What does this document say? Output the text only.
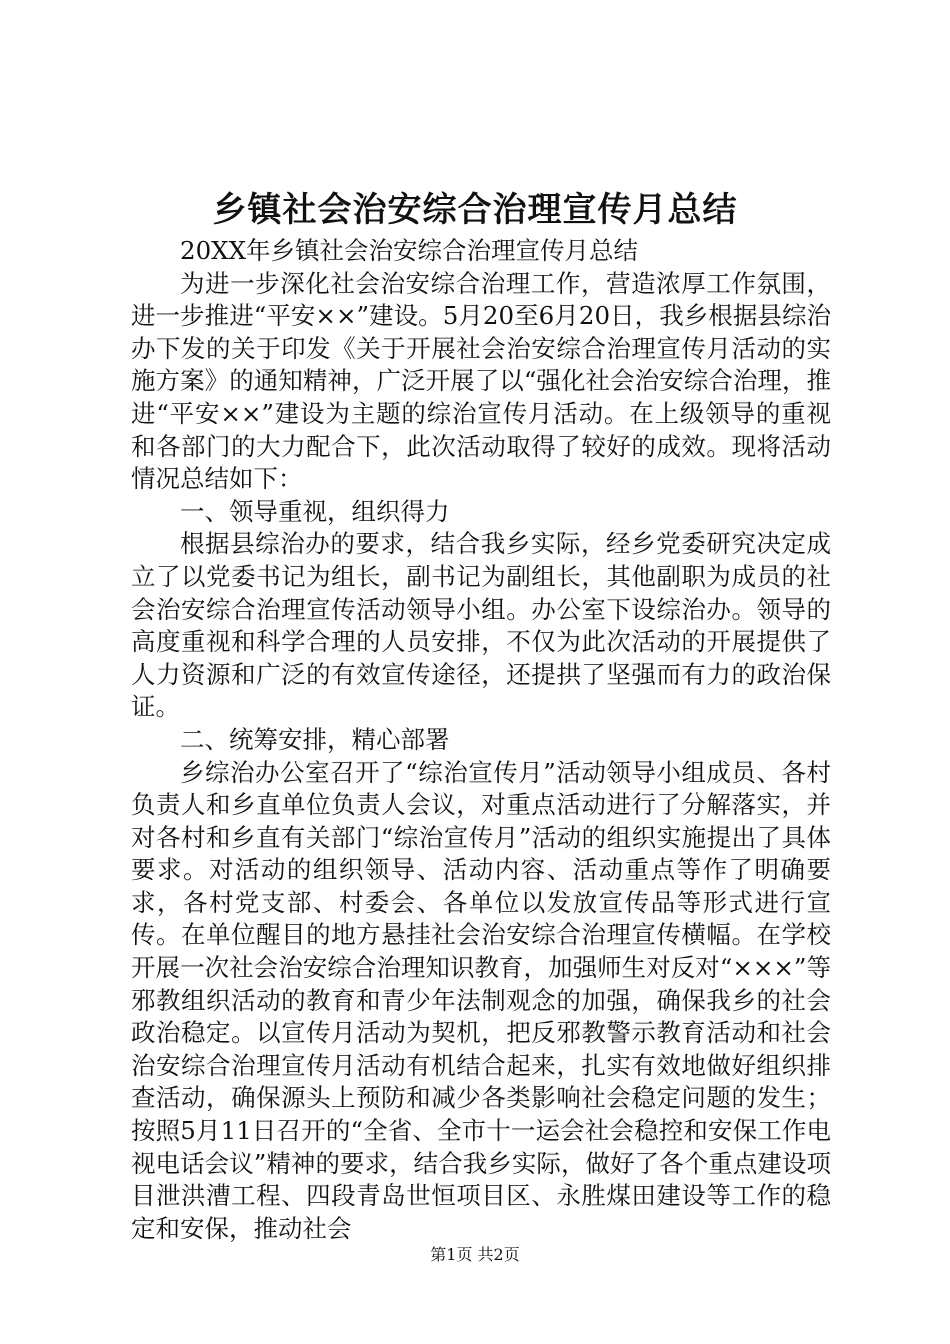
乡镇社会治安综合治理宣传月总结

20XX年乡镇社会治安综合治理宣传月总结

为进一步深化社会治安综合治理工作，营造浓厚工作氛围，进一步推进“平安××”建设。5月20至6月20日，我乡根据县综治办下发的关于印发《关于开展社会治安综合治理宣传月活动的实施方案》的通知精神，广泛开展了以“强化社会治安综合治理，推进“平安××”建设为主题的综治宣传月活动。在上级领导的重视和各部门的大力配合下，此次活动取得了较好的成效。现将活动情况总结如下：

一、领导重视，组织得力

根据县综治办的要求，结合我乡实际，经乡党委研究决定成立了以党委书记为组长，副书记为副组长，其他副职为成员的社会治安综合治理宣传活动领导小组。办公室下设综治办。领导的高度重视和科学合理的人员安排，不仅为此次活动的开展提供了人力资源和广泛的有效宣传途径，还提拱了坚强而有力的政治保证。

二、统筹安排，精心部署

乡综治办公室召开了“综治宣传月”活动领导小组成员、各村负责人和乡直单位负责人会议，对重点活动进行了分解落实，并对各村和乡直有关部门“综治宣传月”活动的组织实施提出了具体要求。对活动的组织领导、活动内容、活动重点等作了明确要求，各村党支部、村委会、各单位以发放宣传品等形式进行宣传。在单位醒目的地方悬挂社会治安综合治理宣传横幅。在学校开展一次社会治安综合治理知识教育，加强师生对反对“×××”等邪教组织活动的教育和青少年法制观念的加强，确保我乡的社会政治稳定。以宣传月活动为契机，把反邪教警示教育活动和社会治安综合治理宣传月活动有机结合起来，扎实有效地做好组织排查活动，确保源头上预防和减少各类影响社会稳定问题的发生；按照5月11日召开的“全省、全市十一运会社会稳控和安保工作电视电话会议”精神的要求，结合我乡实际，做好了各个重点建设项目泄洪漕工程、四段青岛世恒项目区、永胜煤田建设等工作的稳定和安保，推动社会

第1页 共2页
